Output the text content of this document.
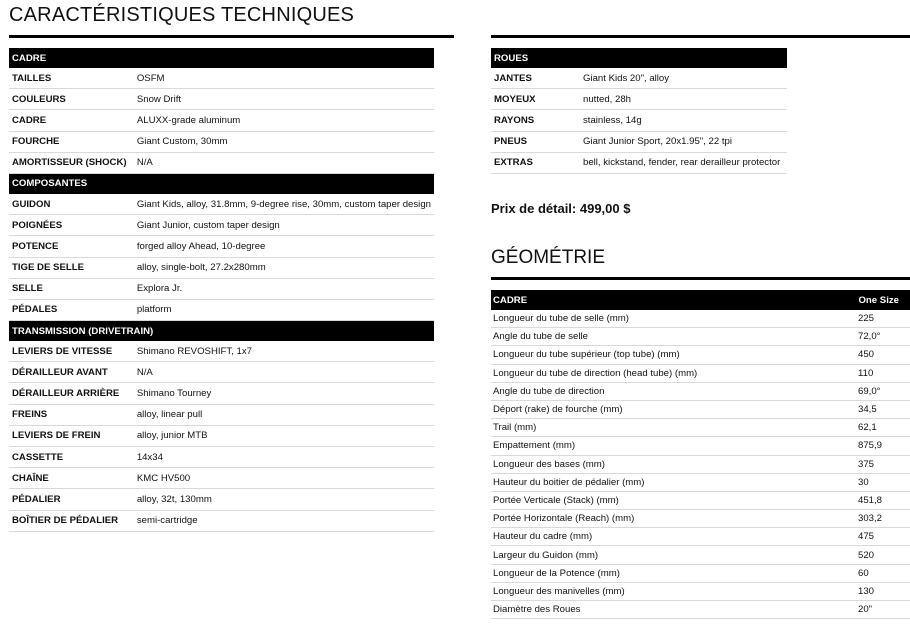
CARACTÉRISTIQUES TECHNIQUES
CADRE	
TAILLES	OSFM
COULEURS	Snow Drift
CADRE	ALUXX-grade aluminum
FOURCHE	Giant Custom, 30mm
AMORTISSEUR (SHOCK)	N/A
COMPOSANTES	
GUIDON	Giant Kids, alloy, 31.8mm, 9-degree rise, 30mm, custom taper design
POIGNÉES	Giant Junior, custom taper design
POTENCE	forged alloy Ahead, 10-degree
TIGE DE SELLE	alloy, single-bolt, 27.2x280mm
SELLE	Explora Jr.
PÉDALES	platform
TRANSMISSION (DRIVETRAIN)	
LEVIERS DE VITESSE	Shimano REVOSHIFT, 1x7
DÉRAILLEUR AVANT	N/A
DÉRAILLEUR ARRIÈRE	Shimano Tourney
FREINS	alloy, linear pull
LEVIERS DE FREIN	alloy, junior MTB
CASSETTE	14x34
CHAÎNE	KMC HV500
PÉDALIER	alloy, 32t, 130mm
BOÎTIER DE PÉDALIER	semi-cartridge
ROUES	
JANTES	Giant Kids 20", alloy
MOYEUX	nutted, 28h
RAYONS	stainless, 14g
PNEUS	Giant Junior Sport, 20x1.95", 22 tpi
EXTRAS	bell, kickstand, fender, rear derailleur protector
Prix de détail: 499,00 $
GÉOMÉTRIE
CADRE	One Size
Longueur du tube de selle (mm)	225
Angle du tube de selle	72,0°
Longueur du tube supérieur (top tube) (mm)	450
Longueur du tube de direction (head tube) (mm)	110
Angle du tube de direction	69,0°
Déport (rake) de fourche (mm)	34,5
Trail (mm)	62,1
Empattement (mm)	875,9
Longueur des bases (mm)	375
Hauteur du boitier de pédalier (mm)	30
Portée Verticale (Stack) (mm)	451,8
Portée Horizontale (Reach) (mm)	303,2
Hauteur du cadre (mm)	475
Largeur du Guidon (mm)	520
Longueur de la Potence (mm)	60
Longueur des manivelles (mm)	130
Diamètre des Roues	20"
